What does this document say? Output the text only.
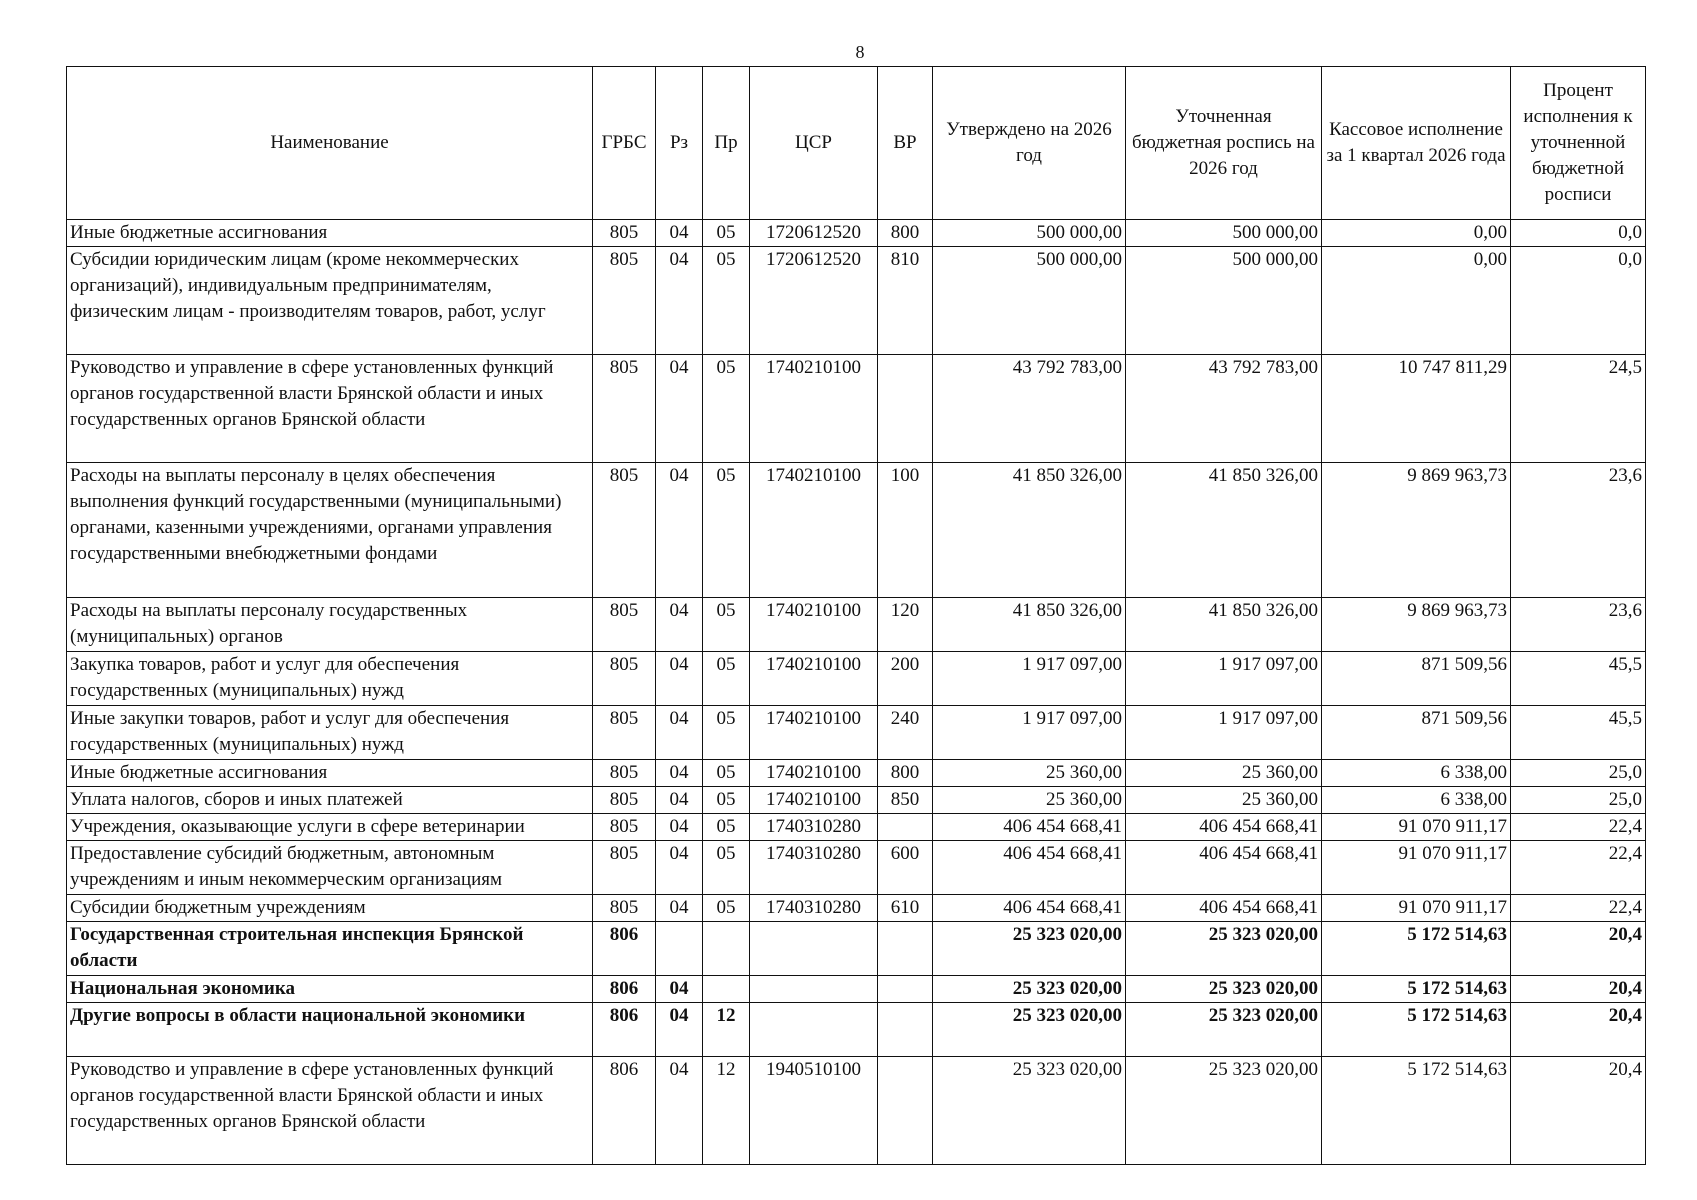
8
Наименование	ГРБС	Рз	Пр	ЦСР	ВР	Утверждено на 2026 год	Уточненная бюджетная роспись на 2026 год	Кассовое исполнение за 1 квартал 2026 года	Процент исполнения к уточненной бюджетной росписи
Иные бюджетные ассигнования	805	04	05	1720612520	800	500 000,00	500 000,00	0,00	0,0
Субсидии юридическим лицам (кроме некоммерческих организаций), индивидуальным предпринимателям, физическим лицам - производителям товаров, работ, услуг	805	04	05	1720612520	810	500 000,00	500 000,00	0,00	0,0
Руководство и управление в сфере установленных функций органов государственной власти Брянской области и иных государственных органов Брянской области	805	04	05	1740210100		43 792 783,00	43 792 783,00	10 747 811,29	24,5
Расходы на выплаты персоналу в целях обеспечения выполнения функций государственными (муниципальными) органами, казенными учреждениями, органами управления государственными внебюджетными фондами	805	04	05	1740210100	100	41 850 326,00	41 850 326,00	9 869 963,73	23,6
Расходы на выплаты персоналу государственных (муниципальных) органов	805	04	05	1740210100	120	41 850 326,00	41 850 326,00	9 869 963,73	23,6
Закупка товаров, работ и услуг для обеспечения государственных (муниципальных) нужд	805	04	05	1740210100	200	1 917 097,00	1 917 097,00	871 509,56	45,5
Иные закупки товаров, работ и услуг для обеспечения государственных (муниципальных) нужд	805	04	05	1740210100	240	1 917 097,00	1 917 097,00	871 509,56	45,5
Иные бюджетные ассигнования	805	04	05	1740210100	800	25 360,00	25 360,00	6 338,00	25,0
Уплата налогов, сборов и иных платежей	805	04	05	1740210100	850	25 360,00	25 360,00	6 338,00	25,0
Учреждения, оказывающие услуги в сфере ветеринарии	805	04	05	1740310280		406 454 668,41	406 454 668,41	91 070 911,17	22,4
Предоставление субсидий бюджетным, автономным учреждениям и иным некоммерческим организациям	805	04	05	1740310280	600	406 454 668,41	406 454 668,41	91 070 911,17	22,4
Субсидии бюджетным учреждениям	805	04	05	1740310280	610	406 454 668,41	406 454 668,41	91 070 911,17	22,4
Государственная строительная инспекция Брянской области	806					25 323 020,00	25 323 020,00	5 172 514,63	20,4
Национальная экономика	806	04				25 323 020,00	25 323 020,00	5 172 514,63	20,4
Другие вопросы в области национальной экономики	806	04	12			25 323 020,00	25 323 020,00	5 172 514,63	20,4
Руководство и управление в сфере установленных функций органов государственной власти Брянской области и иных государственных органов Брянской области	806	04	12	1940510100		25 323 020,00	25 323 020,00	5 172 514,63	20,4
